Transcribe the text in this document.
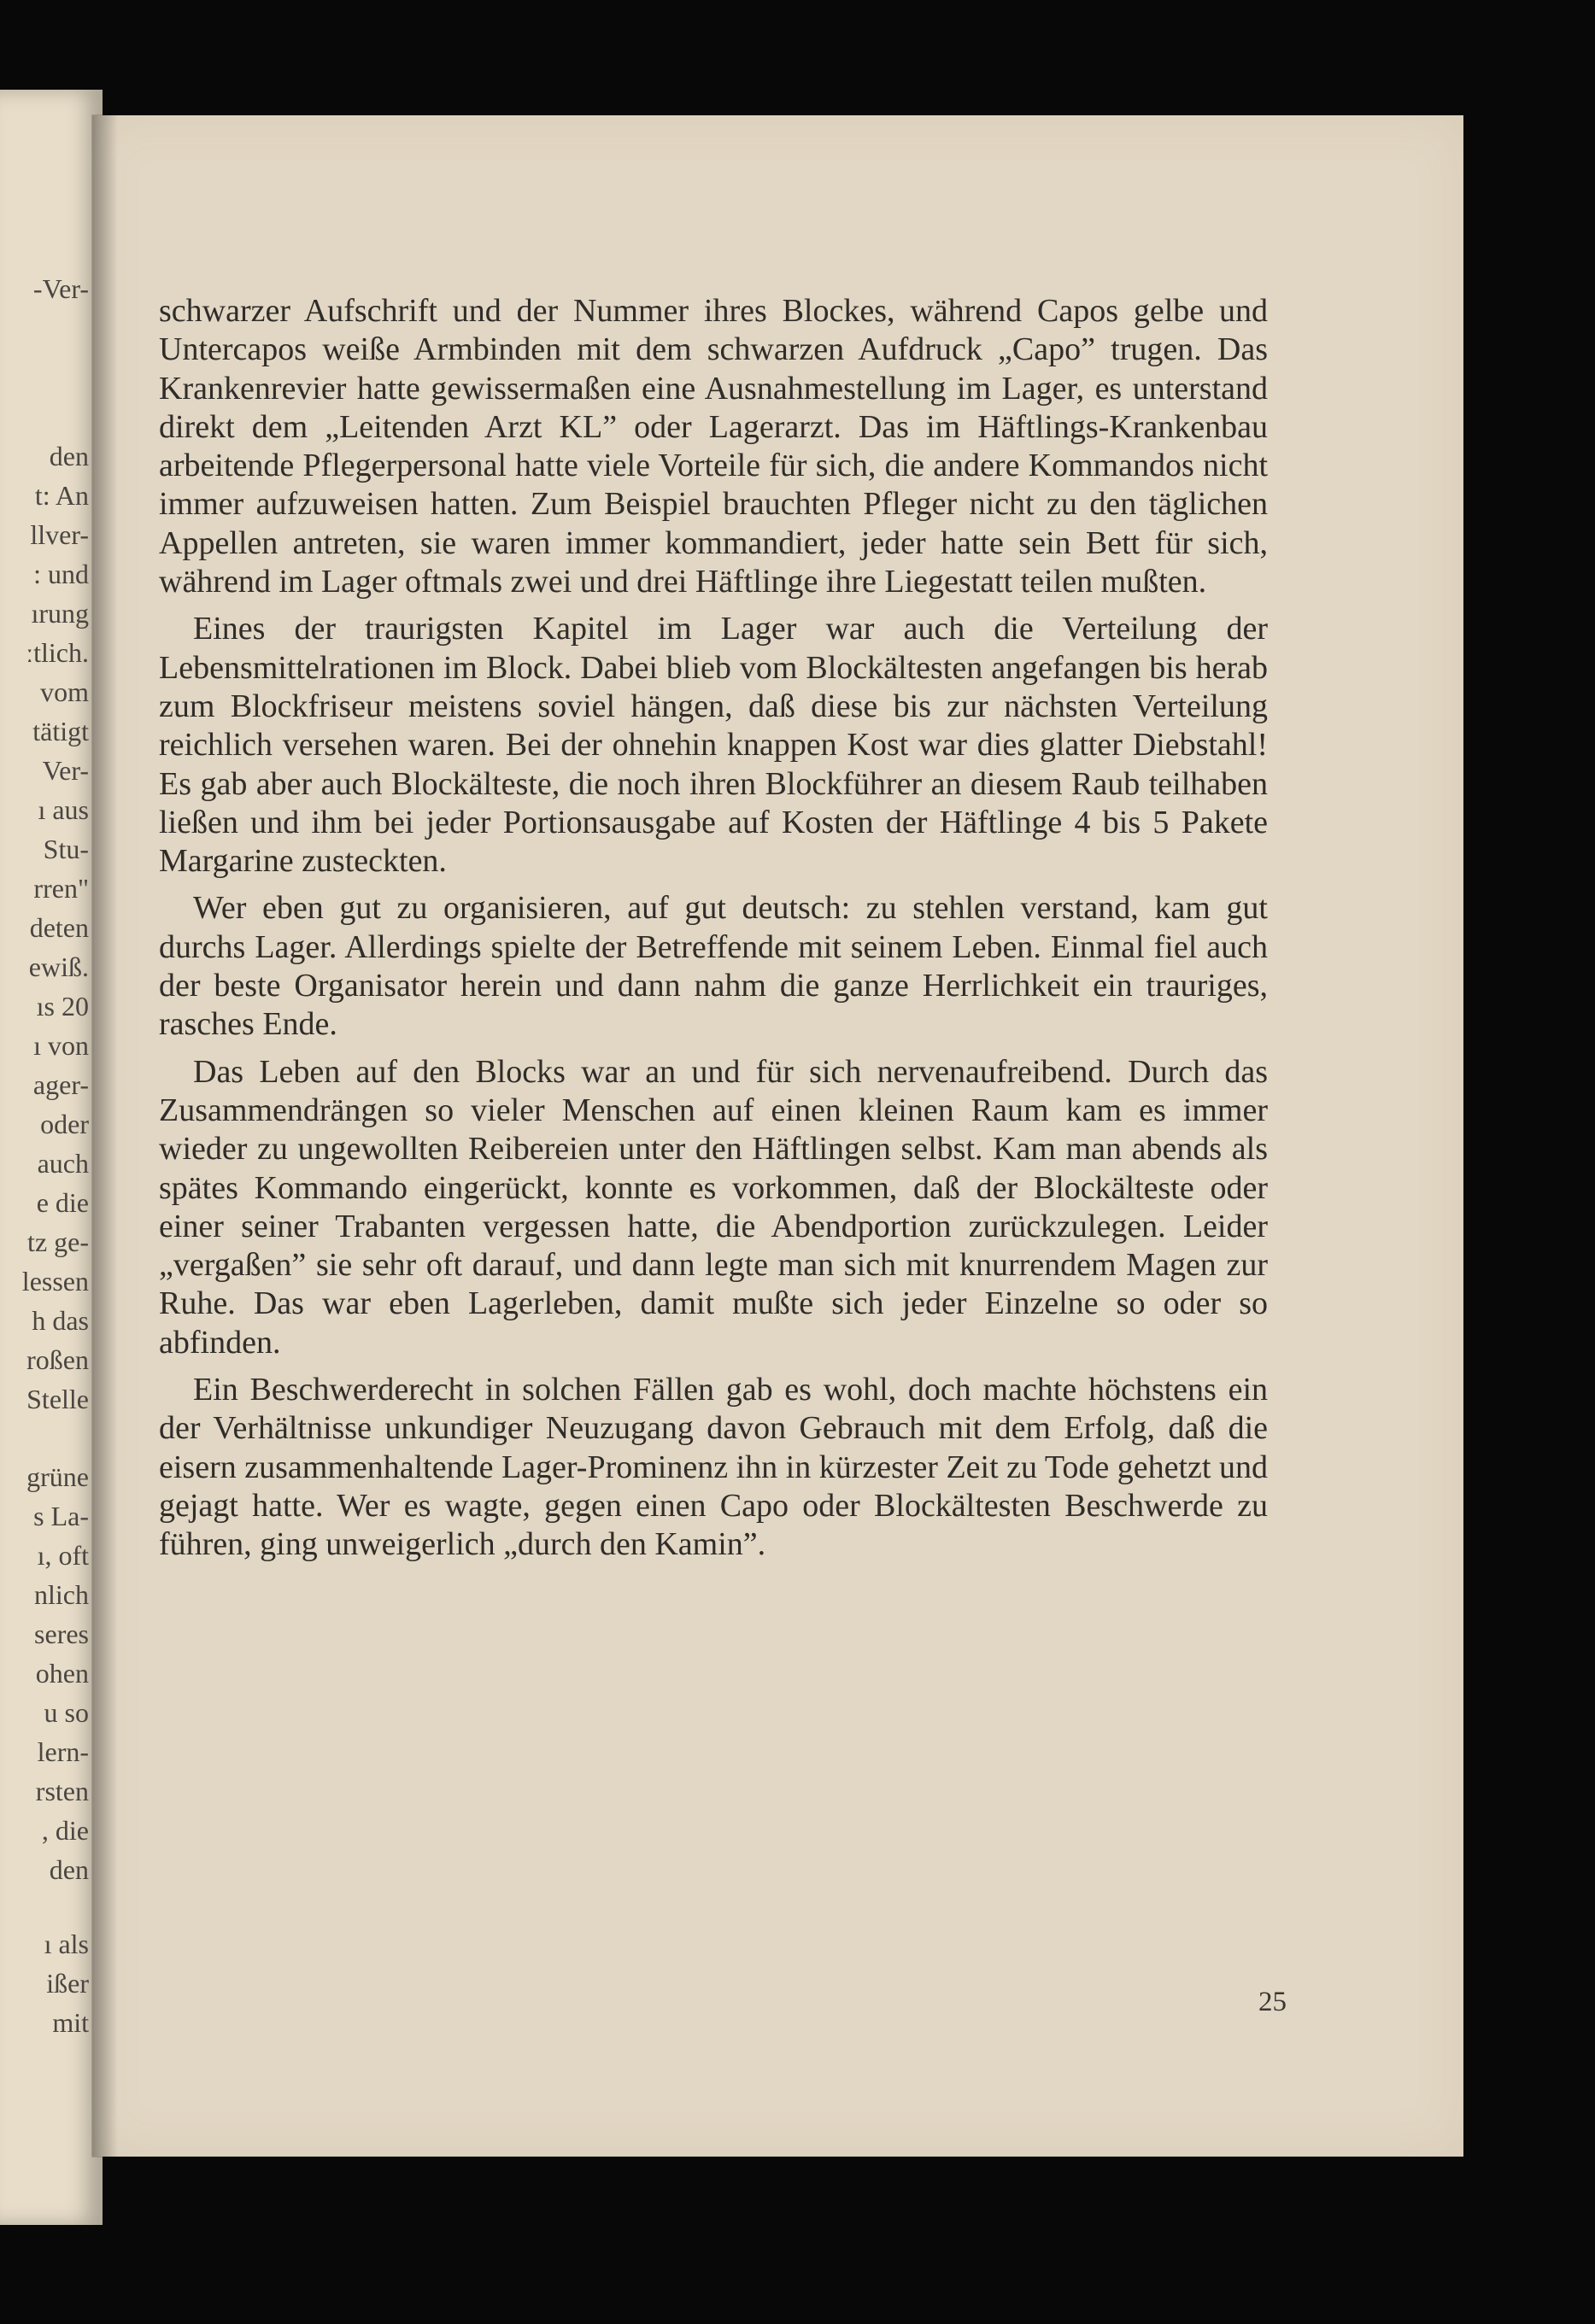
-Ver-
den
t: An
llver-
: und
ırung
ːtlich.
vom
tätigt
Ver-
ı aus
Stu-
rren"
deten
ewiß.
ıs 20
ı von
ager-
oder
auch
e die
tz ge-
lessen
h das
roßen
Stelle
grüne
s La-
ı, oft
nlich
seres
ohen
u so
lern-
rsten
, die
den
ı als
ißer
mit

schwarzer Aufschrift und der Nummer ihres Blockes, während Capos gelbe und Untercapos weiße Armbinden mit dem schwarzen Aufdruck „Capo” trugen. Das Krankenrevier hatte gewissermaßen eine Ausnahmestellung im Lager, es unterstand direkt dem „Leitenden Arzt KL” oder Lagerarzt. Das im Häftlings-Krankenbau arbeitende Pflegerpersonal hatte viele Vorteile für sich, die andere Kommandos nicht immer aufzuweisen hatten. Zum Beispiel brauchten Pfleger nicht zu den täglichen Appellen antreten, sie waren immer kommandiert, jeder hatte sein Bett für sich, während im Lager oftmals zwei und drei Häftlinge ihre Liegestatt teilen mußten.

Eines der traurigsten Kapitel im Lager war auch die Verteilung der Lebensmittelrationen im Block. Dabei blieb vom Blockältesten angefangen bis herab zum Blockfriseur meistens soviel hängen, daß diese bis zur nächsten Verteilung reichlich versehen waren. Bei der ohnehin knappen Kost war dies glatter Diebstahl! Es gab aber auch Blockälteste, die noch ihren Blockführer an diesem Raub teilhaben ließen und ihm bei jeder Portionsausgabe auf Kosten der Häftlinge 4 bis 5 Pakete Margarine zusteckten.

Wer eben gut zu organisieren, auf gut deutsch: zu stehlen verstand, kam gut durchs Lager. Allerdings spielte der Betreffende mit seinem Leben. Einmal fiel auch der beste Organisator herein und dann nahm die ganze Herrlichkeit ein trauriges, rasches Ende.

Das Leben auf den Blocks war an und für sich nervenaufreibend. Durch das Zusammendrängen so vieler Menschen auf einen kleinen Raum kam es immer wieder zu ungewollten Reibereien unter den Häftlingen selbst. Kam man abends als spätes Kommando eingerückt, konnte es vorkommen, daß der Blockälteste oder einer seiner Trabanten vergessen hatte, die Abendportion zurückzulegen. Leider „vergaßen” sie sehr oft darauf, und dann legte man sich mit knurrendem Magen zur Ruhe. Das war eben Lagerleben, damit mußte sich jeder Einzelne so oder so abfinden.

Ein Beschwerderecht in solchen Fällen gab es wohl, doch machte höchstens ein der Verhältnisse unkundiger Neuzugang davon Gebrauch mit dem Erfolg, daß die eisern zusammenhaltende Lager-Prominenz ihn in kürzester Zeit zu Tode gehetzt und gejagt hatte. Wer es wagte, gegen einen Capo oder Blockältesten Beschwerde zu führen, ging unweigerlich „durch den Kamin”.

25
